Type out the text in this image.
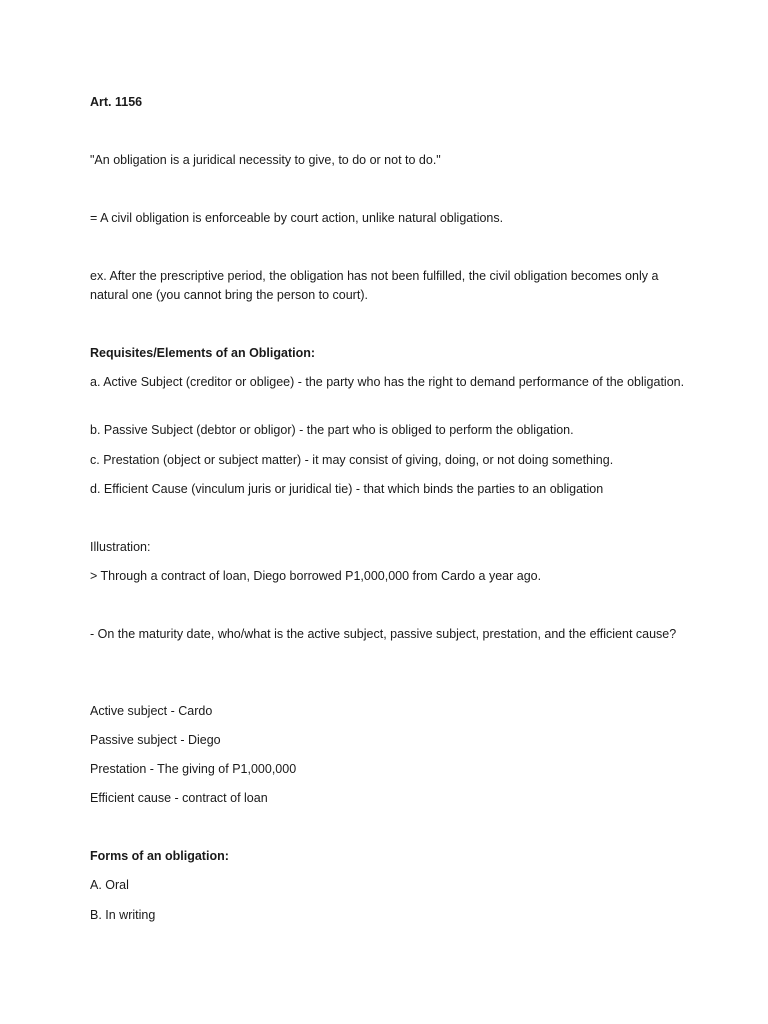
Art. 1156
"An obligation is a juridical necessity to give, to do or not to do."
= A civil obligation is enforceable by court action, unlike natural obligations.
ex. After the prescriptive period, the obligation has not been fulfilled, the civil obligation becomes only a natural one (you cannot bring the person to court).
Requisites/Elements of an Obligation:
a. Active Subject (creditor or obligee) - the party who has the right to demand performance of the obligation.
b. Passive Subject (debtor or obligor) - the part who is obliged to perform the obligation.
c. Prestation (object or subject matter) - it may consist of giving, doing, or not doing something.
d. Efficient Cause (vinculum juris or juridical tie) - that which binds the parties to an obligation
Illustration:
> Through a contract of loan, Diego borrowed P1,000,000 from Cardo a year ago.
- On the maturity date, who/what is the active subject, passive subject, prestation, and the efficient cause?
Active subject - Cardo
Passive subject - Diego
Prestation - The giving of P1,000,000
Efficient cause - contract of loan
Forms of an obligation:
A. Oral
B. In writing
